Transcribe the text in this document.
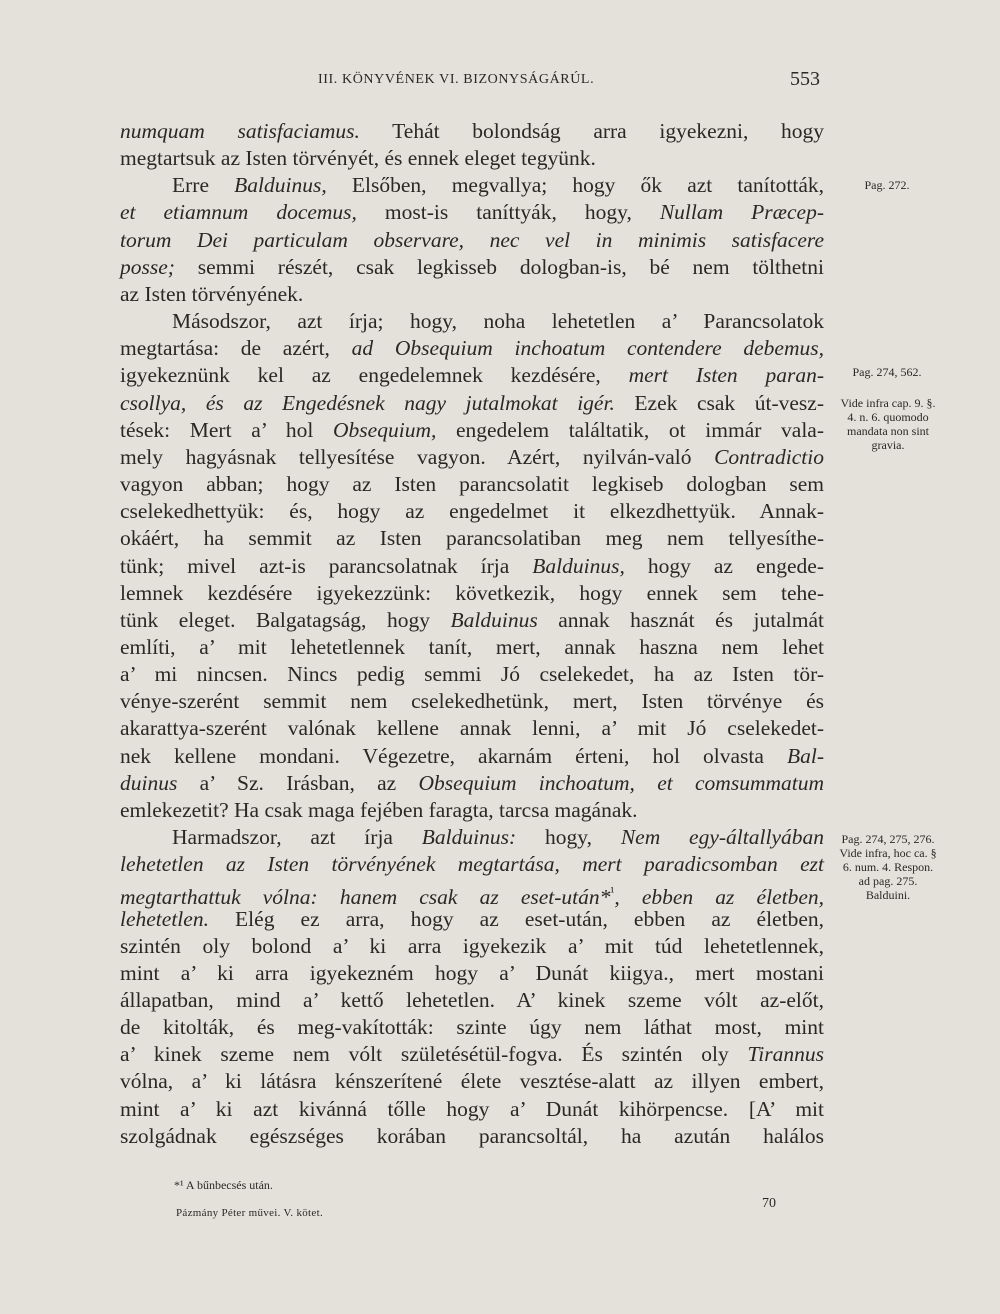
III. KÖNYVÉNEK VI. BIZONYSÁGÁRÚL.	553
numquam satisfaciamus. Tehát bolondság arra igyekezni, hogy
megtartsuk az Isten törvényét, és ennek eleget tegyünk.
Erre Balduinus, Elsőben, megvallya; hogy ők azt tanították,
et etiamnum docemus, most-is taníttyák, hogy, Nullam Præcep-
torum Dei particulam observare, nec vel in minimis satisfacere
posse; semmi részét, csak legkisseb dologban-is, bé nem tölthetni
az Isten törvényének.
Másodszor, azt írja; hogy, noha lehetetlen a’ Parancsolatok
megtartása: de azért, ad Obsequium inchoatum contendere debemus,
igyekeznünk kel az engedelemnek kezdésére, mert Isten paran-
csollya, és az Engedésnek nagy jutalmokat igér. Ezek csak út-vesz-
tések: Mert a’ hol Obsequium, engedelem találtatik, ot immár vala-
mely hagyásnak tellyesítése vagyon. Azért, nyilván-való Contradictio
vagyon abban; hogy az Isten parancsolatit legkiseb dologban sem
cselekedhettyük: és, hogy az engedelmet it elkezdhettyük. Annak-
okáért, ha semmit az Isten parancsolatiban meg nem tellyesíthe-
tünk; mivel azt-is parancsolatnak írja Balduinus, hogy az engede-
lemnek kezdésére igyekezzünk: következik, hogy ennek sem tehe-
tünk eleget. Balgatagság, hogy Balduinus annak hasznát és jutalmát
említi, a’ mit lehetetlennek tanít, mert, annak haszna nem lehet
a’ mi nincsen. Nincs pedig semmi Jó cselekedet, ha az Isten tör-
vénye-szerént semmit nem cselekedhetünk, mert, Isten törvénye és
akarattya-szerént valónak kellene annak lenni, a’ mit Jó cselekedet-
nek kellene mondani. Végezetre, akarnám érteni, hol olvasta Bal-
duinus a’ Sz. Irásban, az Obsequium inchoatum, et comsummatum
emlekezetit? Ha csak maga fejében faragta, tarcsa magának.
Harmadszor, azt írja Balduinus: hogy, Nem egy-általlyában
lehetetlen az Isten törvényének megtartása, mert paradicsomban ezt
megtarthattuk vólna: hanem csak az eset-után*$^{^1}$, ebben az életben,
lehetetlen. Elég ez arra, hogy az eset-után, ebben az életben,
szintén oly bolond a’ ki arra igyekezik a’ mit túd lehetetlennek,
mint a’ ki arra igyekezném hogy a’ Dunát kiigya., mert mostani
állapatban, mind a’ kettő lehetetlen. A’ kinek szeme vólt az-előt,
de kitolták, és meg-vakították: szinte úgy nem láthat most, mint
a’ kinek szeme nem vólt születésétül-fogva. És szintén oly Tirannus
vólna, a’ ki látásra kénszerítené élete vesztése-alatt az illyen embert,
mint a’ ki azt kivánná tőlle hogy a’ Dunát kihörpencse. [A’ mit
szolgádnak egészséges korában parancsoltál, ha azután halálos
Pag. 272.
Pag. 274, 562.
Vide infra cap. 9. §. 4. n. 6. quomodo mandata non sint gravia.
Pag. 274, 275, 276. Vide infra, hoc ca. § 6. num. 4. Respon. ad pag. 275. Balduini.
*¹ A bűnbecsés után.
Pázmány Péter művei. V. kötet.
70
